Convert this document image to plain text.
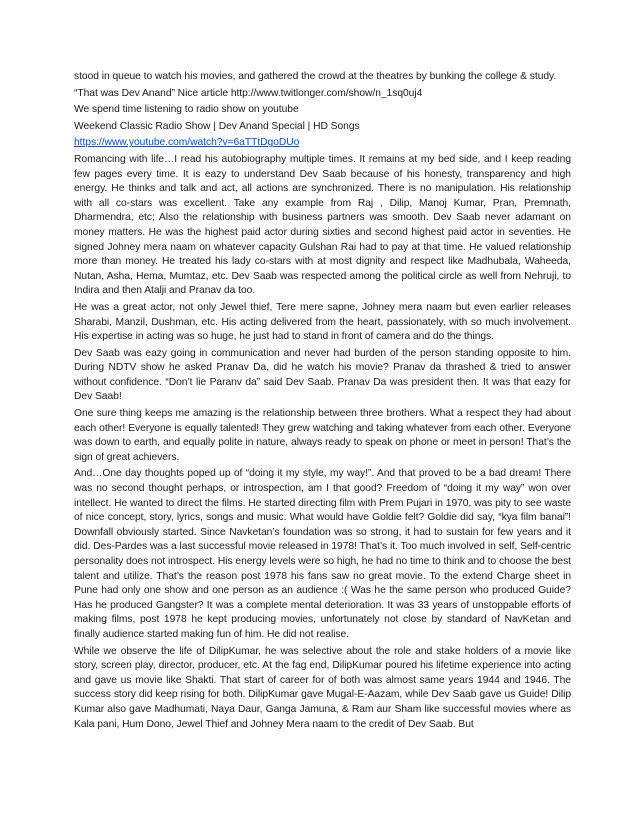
stood in queue to watch his movies, and gathered the crowd at the theatres by bunking the college & study.

“That was Dev Anand” Nice article http://www.twitlonger.com/show/n_1sq0uj4

We spend time listening to radio show on youtube

Weekend Classic Radio Show | Dev Anand Special | HD Songs

https://www.youtube.com/watch?v=6aTTtDgoDUo

Romancing with life…I read his autobiography multiple times. It remains at my bed side, and I keep reading few pages every time. It is eazy to understand Dev Saab because of his honesty, transparency and high energy. He thinks and talk and act, all actions are synchronized. There is no manipulation. His relationship with all co-stars was excellent. Take any example from Raj , Dilip, Manoj Kumar, Pran, Premnath, Dharmendra, etc; Also the relationship with business partners was smooth. Dev Saab never adamant on money matters. He was the highest paid actor during sixties and second highest paid actor in seventies. He signed Johney mera naam on whatever capacity Gulshan Rai had to pay at that time. He valued relationship more than money. He treated his lady co-stars with at most dignity and respect like Madhubala, Waheeda, Nutan, Asha, Hema, Mumtaz, etc. Dev Saab was respected among the political circle as well from Nehruji, to Indira and then Atalji and Pranav da too.

He was a great actor, not only Jewel thief, Tere mere sapne, Johney mera naam but even earlier releases Sharabi, Manzil, Dushman, etc. His acting delivered from the heart, passionately, with so much involvement. His expertise in acting was so huge, he just had to stand in front of camera and do the things.

Dev Saab was eazy going in communication and never had burden of the person standing opposite to him. During NDTV show he asked Pranav Da, did he watch his movie? Pranav da thrashed & tried to answer without confidence. “Don’t lie Paranv da” said Dev Saab. Pranav Da was president then. It was that eazy for Dev Saab!

One sure thing keeps me amazing is the relationship between three brothers. What a respect they had about each other! Everyone is equally talented! They grew watching and taking whatever from each other. Everyone was down to earth, and equally polite in nature, always ready to speak on phone or meet in person! That’s the sign of great achievers.

And…One day thoughts poped up of “doing it my style, my way!”. And that proved to be a bad dream! There was no second thought perhaps, or introspection, am I that good? Freedom of “doing it my way” won over intellect. He wanted to direct the films. He started directing film with Prem Pujari in 1970, was pity to see waste of nice concept, story, lyrics, songs and music. What would have Goldie felt? Goldie did say, “kya film banai”! Downfall obviously started. Since Navketan’s foundation was so strong, it had to sustain for few years and it did. Des-Pardes was a last successful movie released in 1978! That’s it. Too much involved in self, Self-centric personality does not introspect. His energy levels were so high, he had no time to think and to choose the best talent and utilize. That’s the reason post 1978 his fans saw no great movie. To the extend Charge sheet in Pune had only one show and one person as an audience :( Was he the same person who produced Guide? Has he produced Gangster? It was a complete mental deterioration. It was 33 years of unstoppable efforts of making films, post 1978 he kept producing movies, unfortunately not close by standard of NavKetan and finally audience started making fun of him. He did not realise.

While we observe the life of DilipKumar, he was selective about the role and stake holders of a movie like story, screen play, director, producer, etc. At the fag end, DilipKumar poured his lifetime experience into acting and gave us movie like Shakti. That start of career for of both was almost same years 1944 and 1946. The success story did keep rising for both. DilipKumar gave Mugal-E-Aazam, while Dev Saab gave us Guide! Dilip Kumar also gave Madhumati, Naya Daur, Ganga Jamuna, & Ram aur Sham like successful movies where as Kala pani, Hum Dono, Jewel Thief and Johney Mera naam to the credit of Dev Saab. But
